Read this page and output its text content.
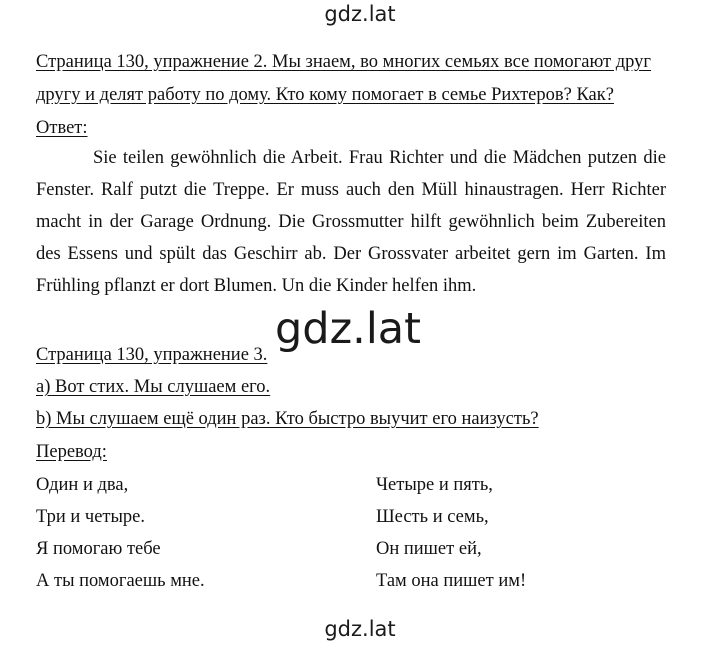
gdz.lat
Страница 130, упражнение 2. Мы знаем, во многих семьях все помогают друг
другу и делят работу по дому. Кто кому помогает в семье Рихтеров? Как?
Ответ:

Sie teilen gewöhnlich die Arbeit. Frau Richter und die Mädchen putzen die Fenster. Ralf putzt die Treppe. Er muss auch den Müll hinaustragen. Herr Richter macht in der Garage Ordnung. Die Grossmutter hilft gewöhnlich beim Zubereiten des Essens und spült das Geschirr ab. Der Grossvater arbeitet gern im Garten. Im Frühling pflanzt er dort Blumen. Un die Kinder helfen ihm.

gdz.lat
Страница 130, упражнение 3.
a) Вот стих. Мы слушаем его.
b) Мы слушаем ещё один раз. Кто быстро выучит его наизусть?
Перевод:
Один и два,
Три и четыре.
Я помогаю тебе
А ты помогаешь мне.
Четыре и пять,
Шесть и семь,
Он пишет ей,
Там она пишет им!
gdz.lat
